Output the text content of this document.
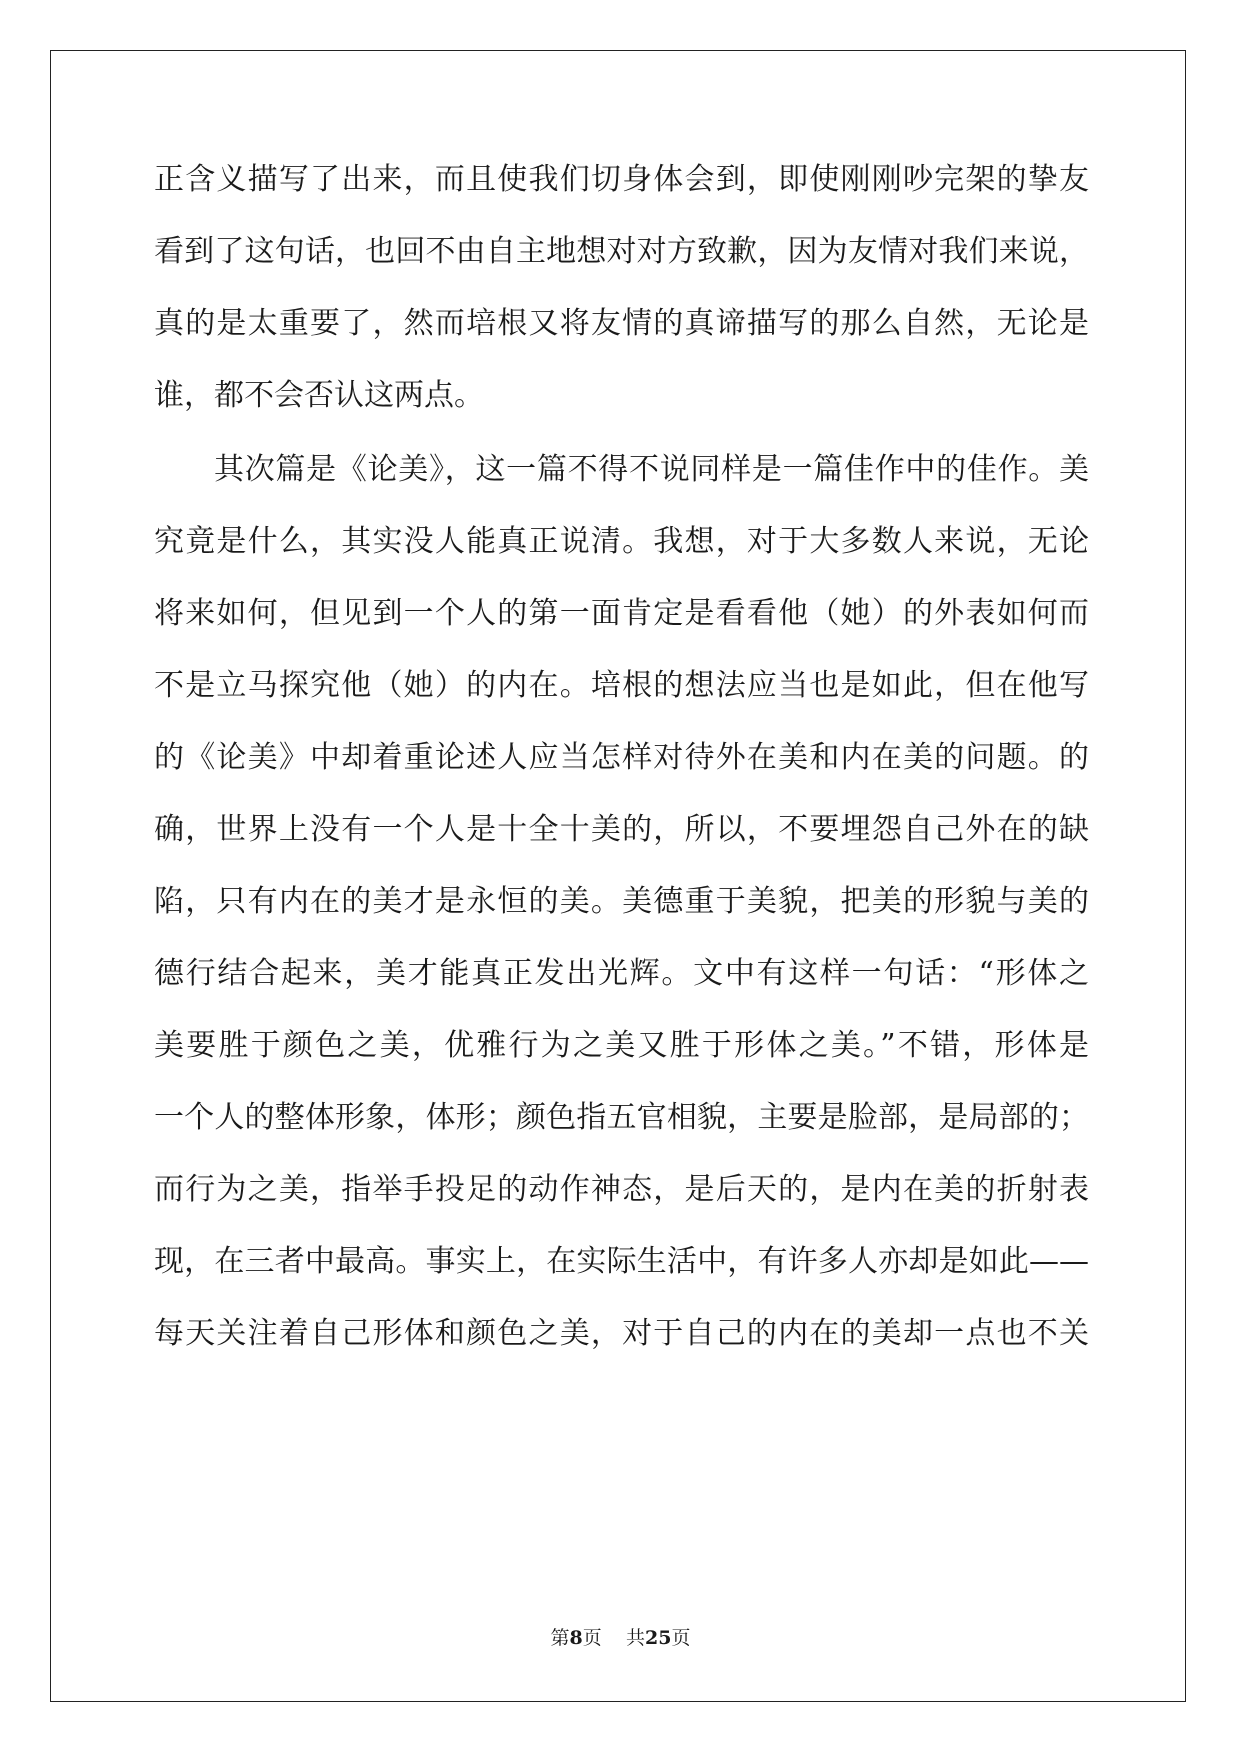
正含义描写了出来，而且使我们切身体会到，即使刚刚吵完架的挚友
看到了这句话，也回不由自主地想对对方致歉，因为友情对我们来说，
真的是太重要了，然而培根又将友情的真谛描写的那么自然，无论是
谁，都不会否认这两点。
其次篇是《论美》，这一篇不得不说同样是一篇佳作中的佳作。美
究竟是什么，其实没人能真正说清。我想，对于大多数人来说，无论
将来如何，但见到一个人的第一面肯定是看看他（她）的外表如何而
不是立马探究他（她）的内在。培根的想法应当也是如此，但在他写
的《论美》中却着重论述人应当怎样对待外在美和内在美的问题。的
确，世界上没有一个人是十全十美的，所以，不要埋怨自己外在的缺
陷，只有内在的美才是永恒的美。美德重于美貌，把美的形貌与美的
德行结合起来，美才能真正发出光辉。文中有这样一句话：“形体之
美要胜于颜色之美，优雅行为之美又胜于形体之美。”不错，形体是
一个人的整体形象，体形；颜色指五官相貌，主要是脸部，是局部的；
而行为之美，指举手投足的动作神态，是后天的，是内在美的折射表
现，在三者中最高。事实上，在实际生活中，有许多人亦却是如此——
每天关注着自己形体和颜色之美，对于自己的内在的美却一点也不关
第8页 共25页
